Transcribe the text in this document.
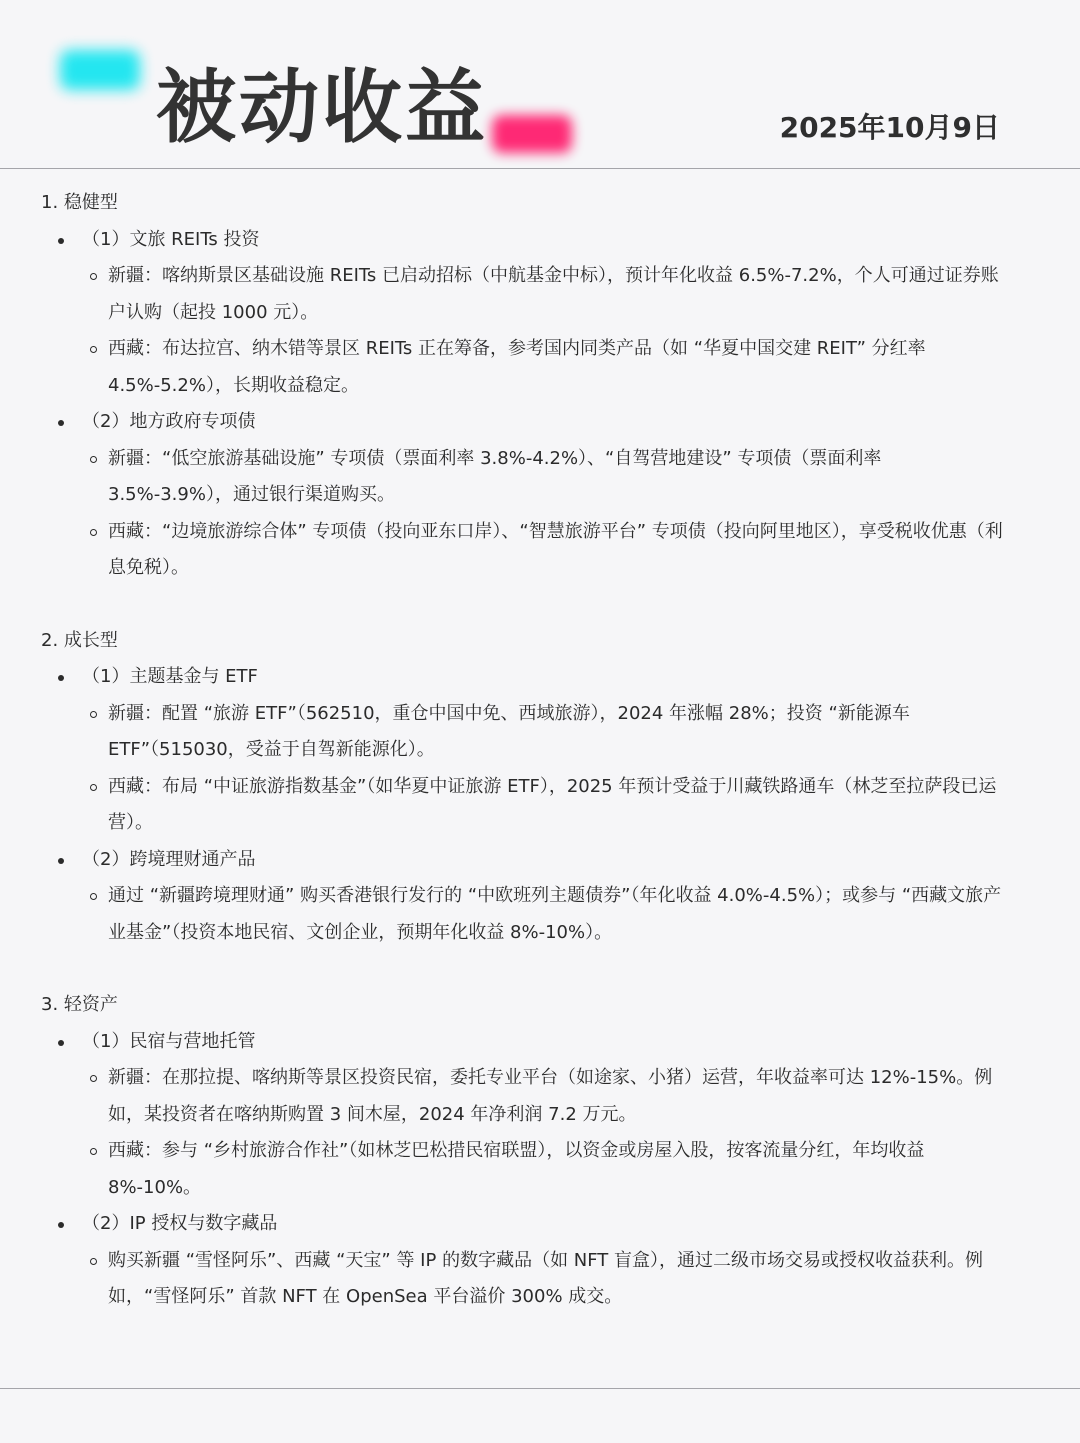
被动收益	2025年10月9日
1. 稳健型
（1）文旅 REITs 投资
新疆：喀纳斯景区基础设施 REITs 已启动招标（中航基金中标），预计年化收益 6.5%-7.2%，个人可通过证券账户认购（起投 1000 元）。
西藏：布达拉宫、纳木错等景区 REITs 正在筹备，参考国内同类产品（如 “华夏中国交建 REIT” 分红率 4.5%-5.2%），长期收益稳定。
（2）地方政府专项债
新疆：“低空旅游基础设施” 专项债（票面利率 3.8%-4.2%）、“自驾营地建设” 专项债（票面利率 3.5%-3.9%），通过银行渠道购买。
西藏：“边境旅游综合体” 专项债（投向亚东口岸）、“智慧旅游平台” 专项债（投向阿里地区），享受税收优惠（利息免税）。
2. 成长型
（1）主题基金与 ETF
新疆：配置 “旅游 ETF”（562510，重仓中国中免、西域旅游），2024 年涨幅 28%；投资 “新能源车 ETF”（515030，受益于自驾新能源化）。
西藏：布局 “中证旅游指数基金”（如华夏中证旅游 ETF），2025 年预计受益于川藏铁路通车（林芝至拉萨段已运营）。
（2）跨境理财通产品
通过 “新疆跨境理财通” 购买香港银行发行的 “中欧班列主题债券”（年化收益 4.0%-4.5%）；或参与 “西藏文旅产业基金”（投资本地民宿、文创企业，预期年化收益 8%-10%）。
3. 轻资产
（1）民宿与营地托管
新疆：在那拉提、喀纳斯等景区投资民宿，委托专业平台（如途家、小猪）运营，年收益率可达 12%-15%。例如，某投资者在喀纳斯购置 3 间木屋，2024 年净利润 7.2 万元。
西藏：参与 “乡村旅游合作社”（如林芝巴松措民宿联盟），以资金或房屋入股，按客流量分红，年均收益 8%-10%。
（2）IP 授权与数字藏品
购买新疆 “雪怪阿乐”、西藏 “天宝” 等 IP 的数字藏品（如 NFT 盲盒），通过二级市场交易或授权收益获利。例如，“雪怪阿乐” 首款 NFT 在 OpenSea 平台溢价 300% 成交。
